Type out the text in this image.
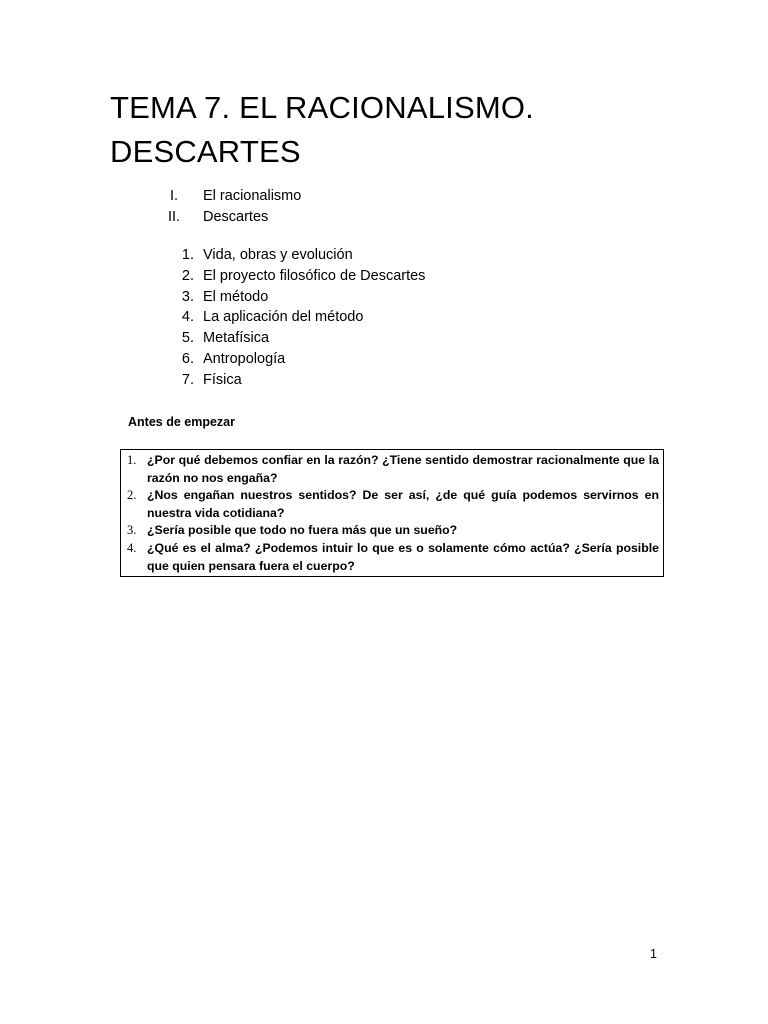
TEMA 7. EL RACIONALISMO.
DESCARTES
I.	El racionalismo
II. Descartes
1. Vida, obras y evolución
2. El proyecto filosófico de Descartes
3. El método
4. La aplicación del método
5. Metafísica
6. Antropología
7. Física

Antes de empezar

1. ¿Por qué debemos confiar en la razón? ¿Tiene sentido demostrar racionalmente que la razón no nos engaña?
2. ¿Nos engañan nuestros sentidos? De ser así, ¿de qué guía podemos servirnos en nuestra vida cotidiana?
3. ¿Sería posible que todo no fuera más que un sueño?
4. ¿Qué es el alma? ¿Podemos intuir lo que es o solamente cómo actúa? ¿Sería posible que quien pensara fuera el cuerpo?
1
